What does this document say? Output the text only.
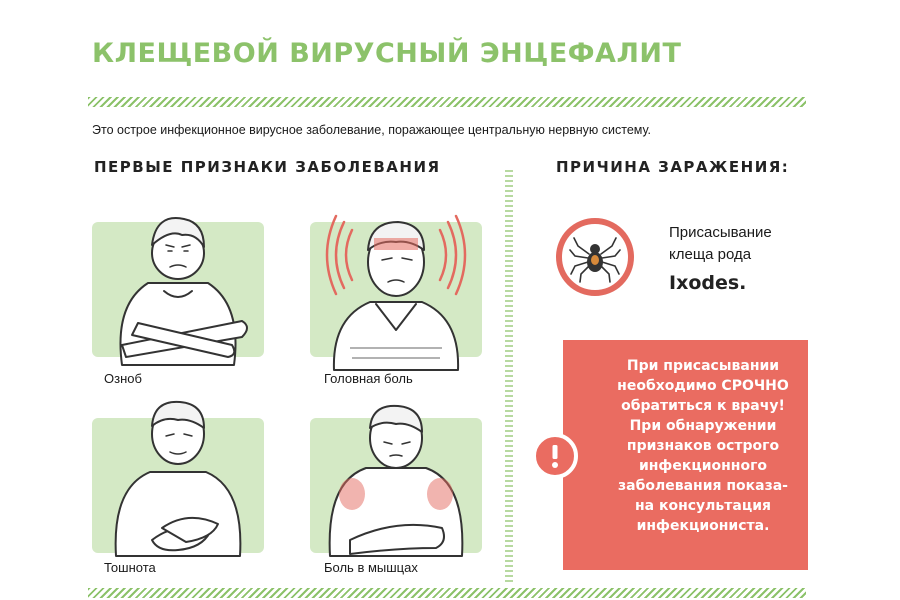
КЛЕЩЕВОЙ ВИРУСНЫЙ ЭНЦЕФАЛИТ

Это острое инфекционное вирусное заболевание, поражающее центральную нервную систему.

ПЕРВЫЕ ПРИЗНАКИ ЗАБОЛЕВАНИЯ	ПРИЧИНА ЗАРАЖЕНИЯ:
Озноб	Головная боль
Тошнота	Боль в мышцах
Присасывание
клеща рода
Ixodes.
При присасывании
необходимо СРОЧНО
обратиться к врачу!
При обнаружении
признаков острого
инфекционного
заболевания показа-
на консультация
инфекциониста.
